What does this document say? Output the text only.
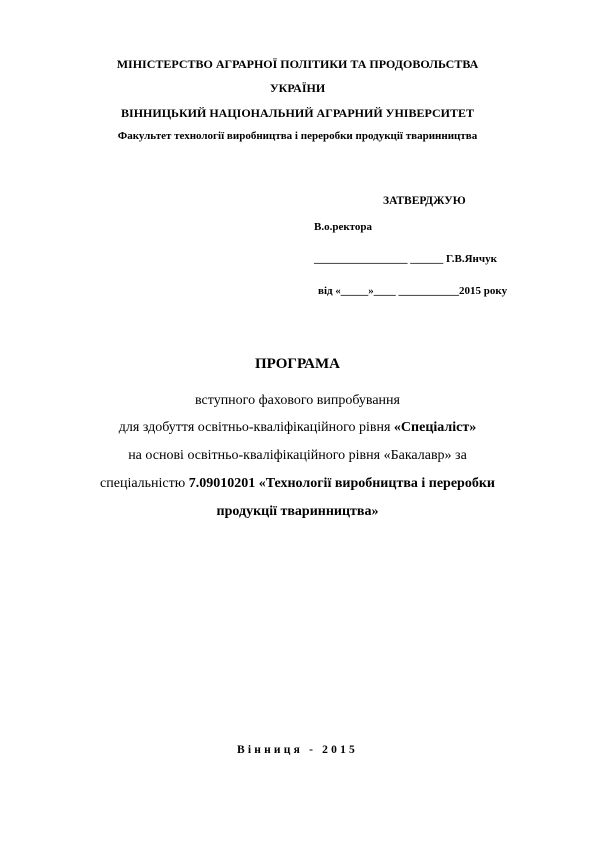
МІНІСТЕРСТВО АГРАРНОЇ ПОЛІТИКИ ТА ПРОДОВОЛЬСТВА
УКРАЇНИ
ВІННИЦЬКИЙ НАЦІОНАЛЬНИЙ АГРАРНИЙ УНІВЕРСИТЕТ
Факультет технології виробництва і переробки продукції тваринництва
ЗАТВЕРДЖУЮ
В.о.ректора
_________________ ______ Г.В.Янчук
від «_____»____ ___________2015 року
ПРОГРАМА
вступного фахового випробування
для здобуття освітньо-кваліфікаційного рівня «Спеціаліст»
на основі освітньо-кваліфікаційного рівня «Бакалавр» за
спеціальністю 7.09010201 «Технології виробництва і переробки
продукції тваринництва»
Вінниця - 2015
